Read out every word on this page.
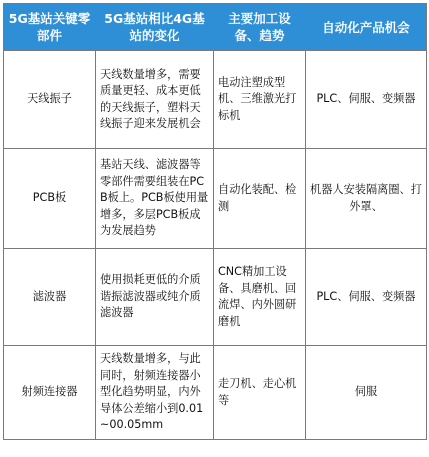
5G基站关键零部件	5G基站相比4G基站的变化	主要加工设备、趋势	自动化产品机会
天线振子	天线数量增多，需要质量更轻、成本更低的天线振子，塑料天线振子迎来发展机会	电动注塑成型机、三维激光打标机	PLC、伺服、变频器
PCB板	基站天线、滤波器等零部件需要组装在PCB板上。PCB板使用量增多，多层PCB板成为发展趋势	自动化装配、检测	机器人安装隔离圈、打外罩、
滤波器	使用损耗更低的介质谐振滤波器或纯介质滤波器	CNC精加工设备、具磨机、回流焊、内外圆研磨机	PLC、伺服、变频器
射频连接器	天线数量增多，与此同时，射频连接器小型化趋势明显，内外导体公差缩小到0.01~00.05mm	走刀机、走心机等	伺服
